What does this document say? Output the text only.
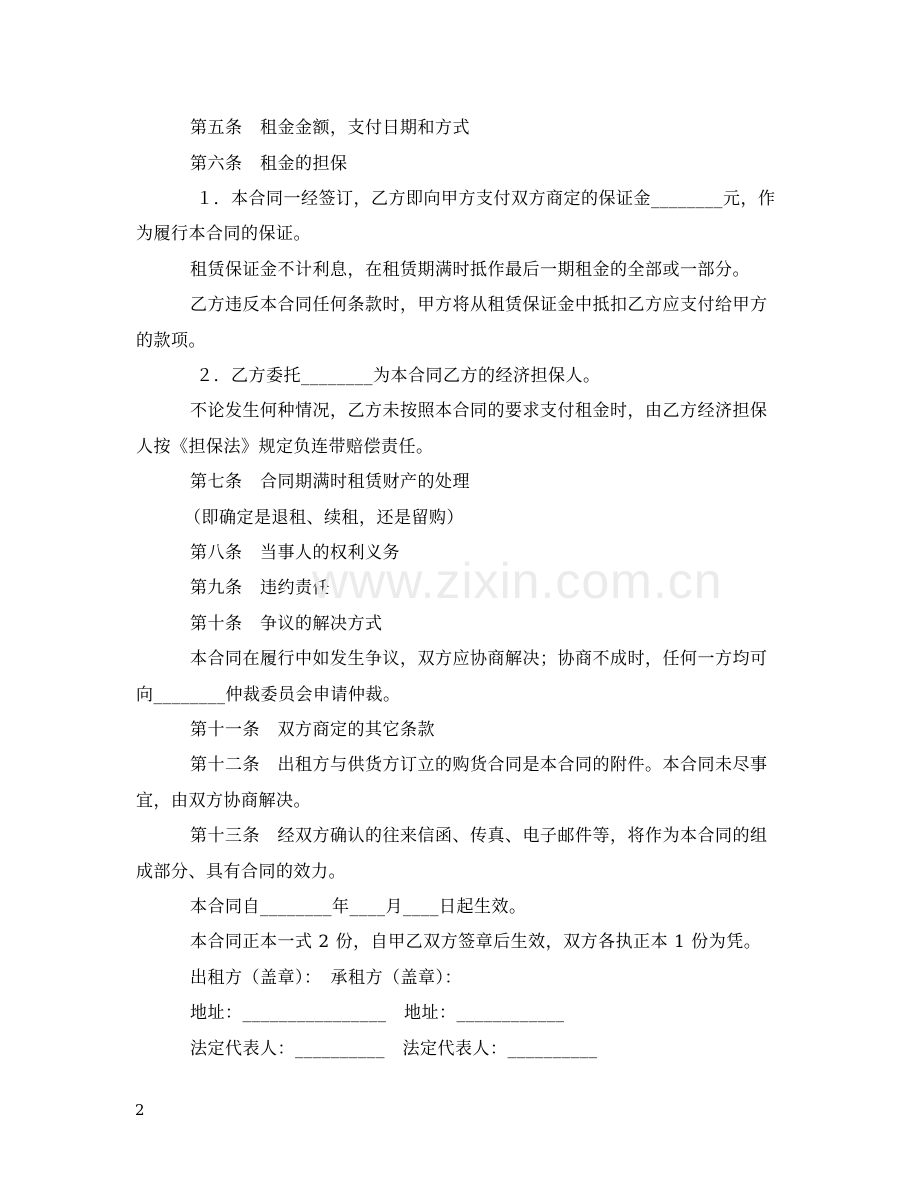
第五条　租金金额，支付日期和方式
第六条　租金的担保
１．本合同一经签订，乙方即向甲方支付双方商定的保证金________元，作
为履行本合同的保证。
租赁保证金不计利息，在租赁期满时抵作最后一期租金的全部或一部分。
乙方违反本合同任何条款时，甲方将从租赁保证金中抵扣乙方应支付给甲方
的款项。
２．乙方委托________为本合同乙方的经济担保人。
不论发生何种情况，乙方未按照本合同的要求支付租金时，由乙方经济担保
人按《担保法》规定负连带赔偿责任。
第七条　合同期满时租赁财产的处理
（即确定是退租、续租，还是留购）
第八条　当事人的权利义务
第九条　违约责任
第十条　争议的解决方式
本合同在履行中如发生争议，双方应协商解决；协商不成时，任何一方均可
向________仲裁委员会申请仲裁。
第十一条　双方商定的其它条款
第十二条　出租方与供货方订立的购货合同是本合同的附件。本合同未尽事
宜，由双方协商解决。
第十三条　经双方确认的往来信函、传真、电子邮件等，将作为本合同的组
成部分、具有合同的效力。
本合同自________年____月____日起生效。
本合同正本一式 2 份，自甲乙双方签章后生效，双方各执正本 1 份为凭。
出租方（盖章）：　承租方（盖章）：
地址：________________　地址：____________
法定代表人：__________　法定代表人：__________
www.zixin.com.cn
2
